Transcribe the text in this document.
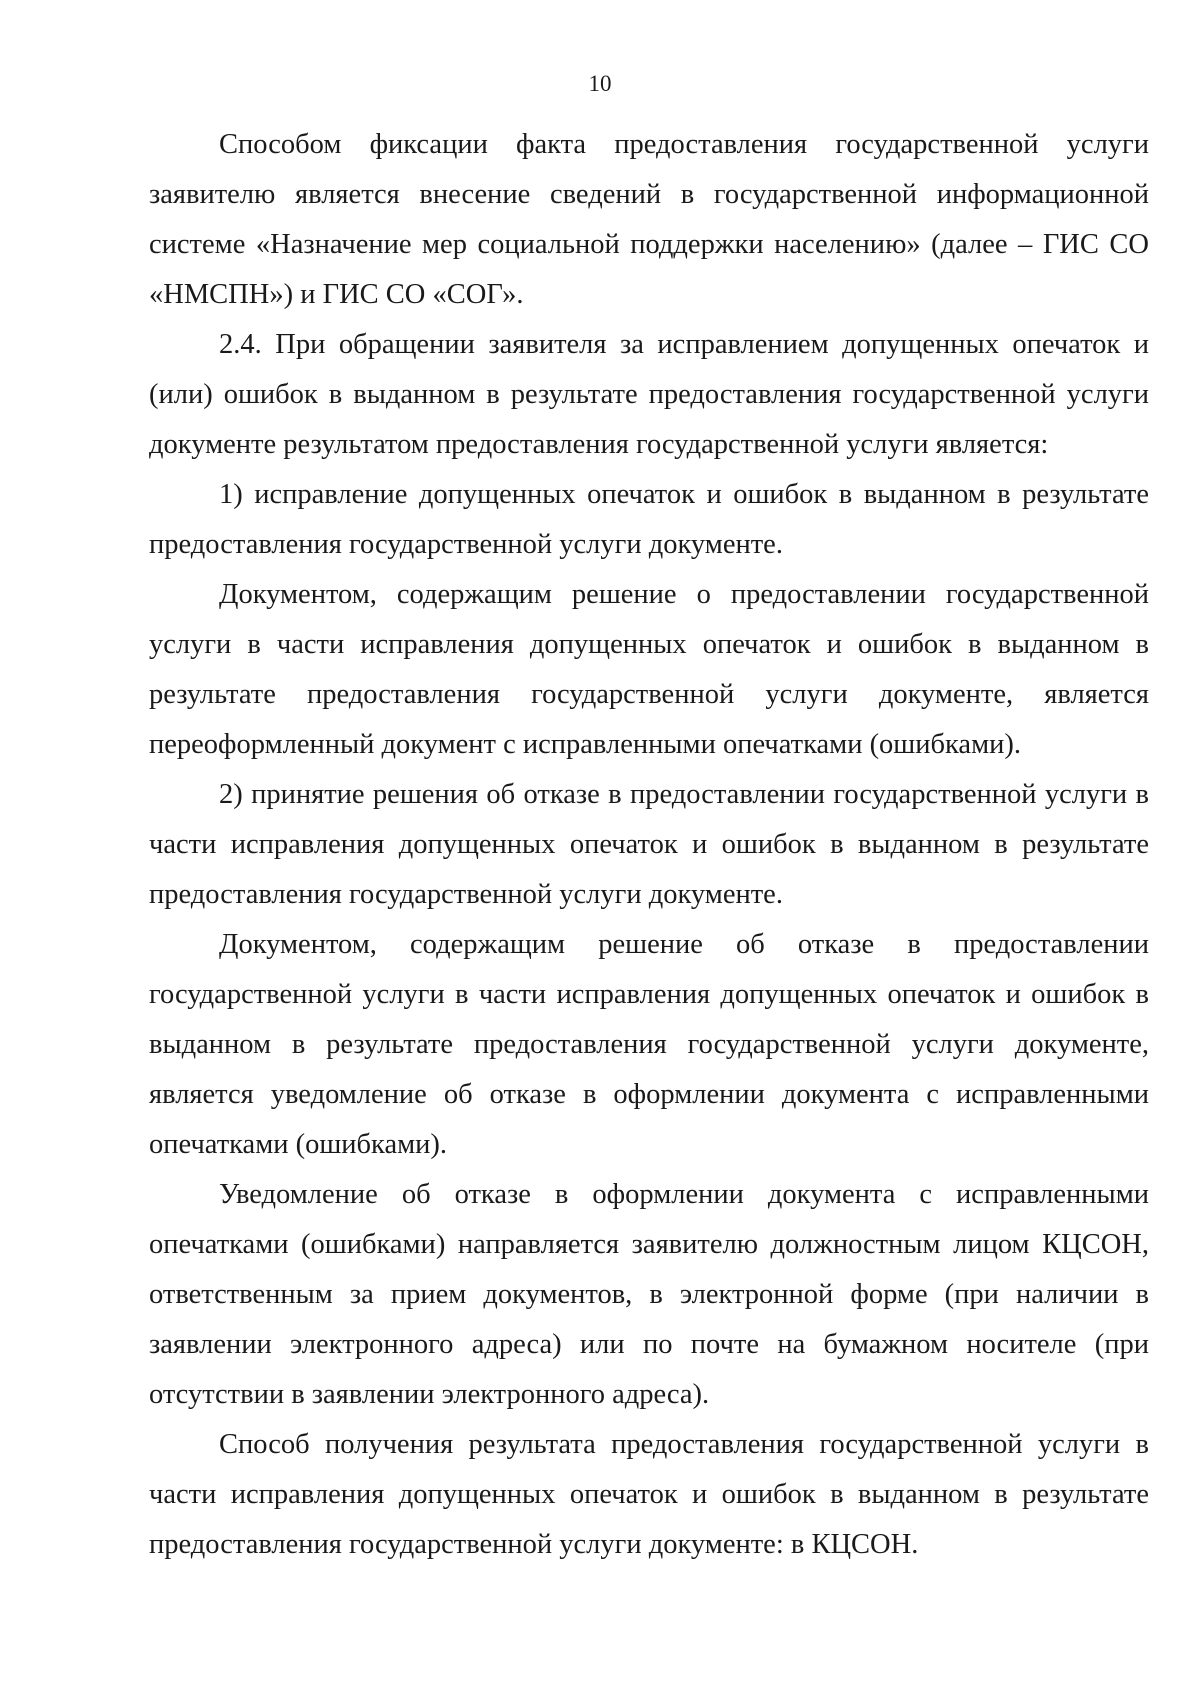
10

Способом фиксации факта предоставления государственной услуги заявителю является внесение сведений в государственной информационной системе «Назначение мер социальной поддержки населению» (далее – ГИС СО «НМСПН») и ГИС СО «СОГ».

2.4. При обращении заявителя за исправлением допущенных опечаток и (или) ошибок в выданном в результате предоставления государственной услуги документе результатом предоставления государственной услуги является:

1) исправление допущенных опечаток и ошибок в выданном в результате предоставления государственной услуги документе.

Документом, содержащим решение о предоставлении государственной услуги в части исправления допущенных опечаток и ошибок в выданном в результате предоставления государственной услуги документе, является переоформленный документ с исправленными опечатками (ошибками).

2) принятие решения об отказе в предоставлении государственной услуги в части исправления допущенных опечаток и ошибок в выданном в результате предоставления государственной услуги документе.

Документом, содержащим решение об отказе в предоставлении государственной услуги в части исправления допущенных опечаток и ошибок в выданном в результате предоставления государственной услуги документе, является уведомление об отказе в оформлении документа с исправленными опечатками (ошибками).

Уведомление об отказе в оформлении документа с исправленными опечатками (ошибками) направляется заявителю должностным лицом КЦСОН, ответственным за прием документов, в электронной форме (при наличии в заявлении электронного адреса) или по почте на бумажном носителе (при отсутствии в заявлении электронного адреса).

Способ получения результата предоставления государственной услуги в части исправления допущенных опечаток и ошибок в выданном в результате предоставления государственной услуги документе: в КЦСОН.
